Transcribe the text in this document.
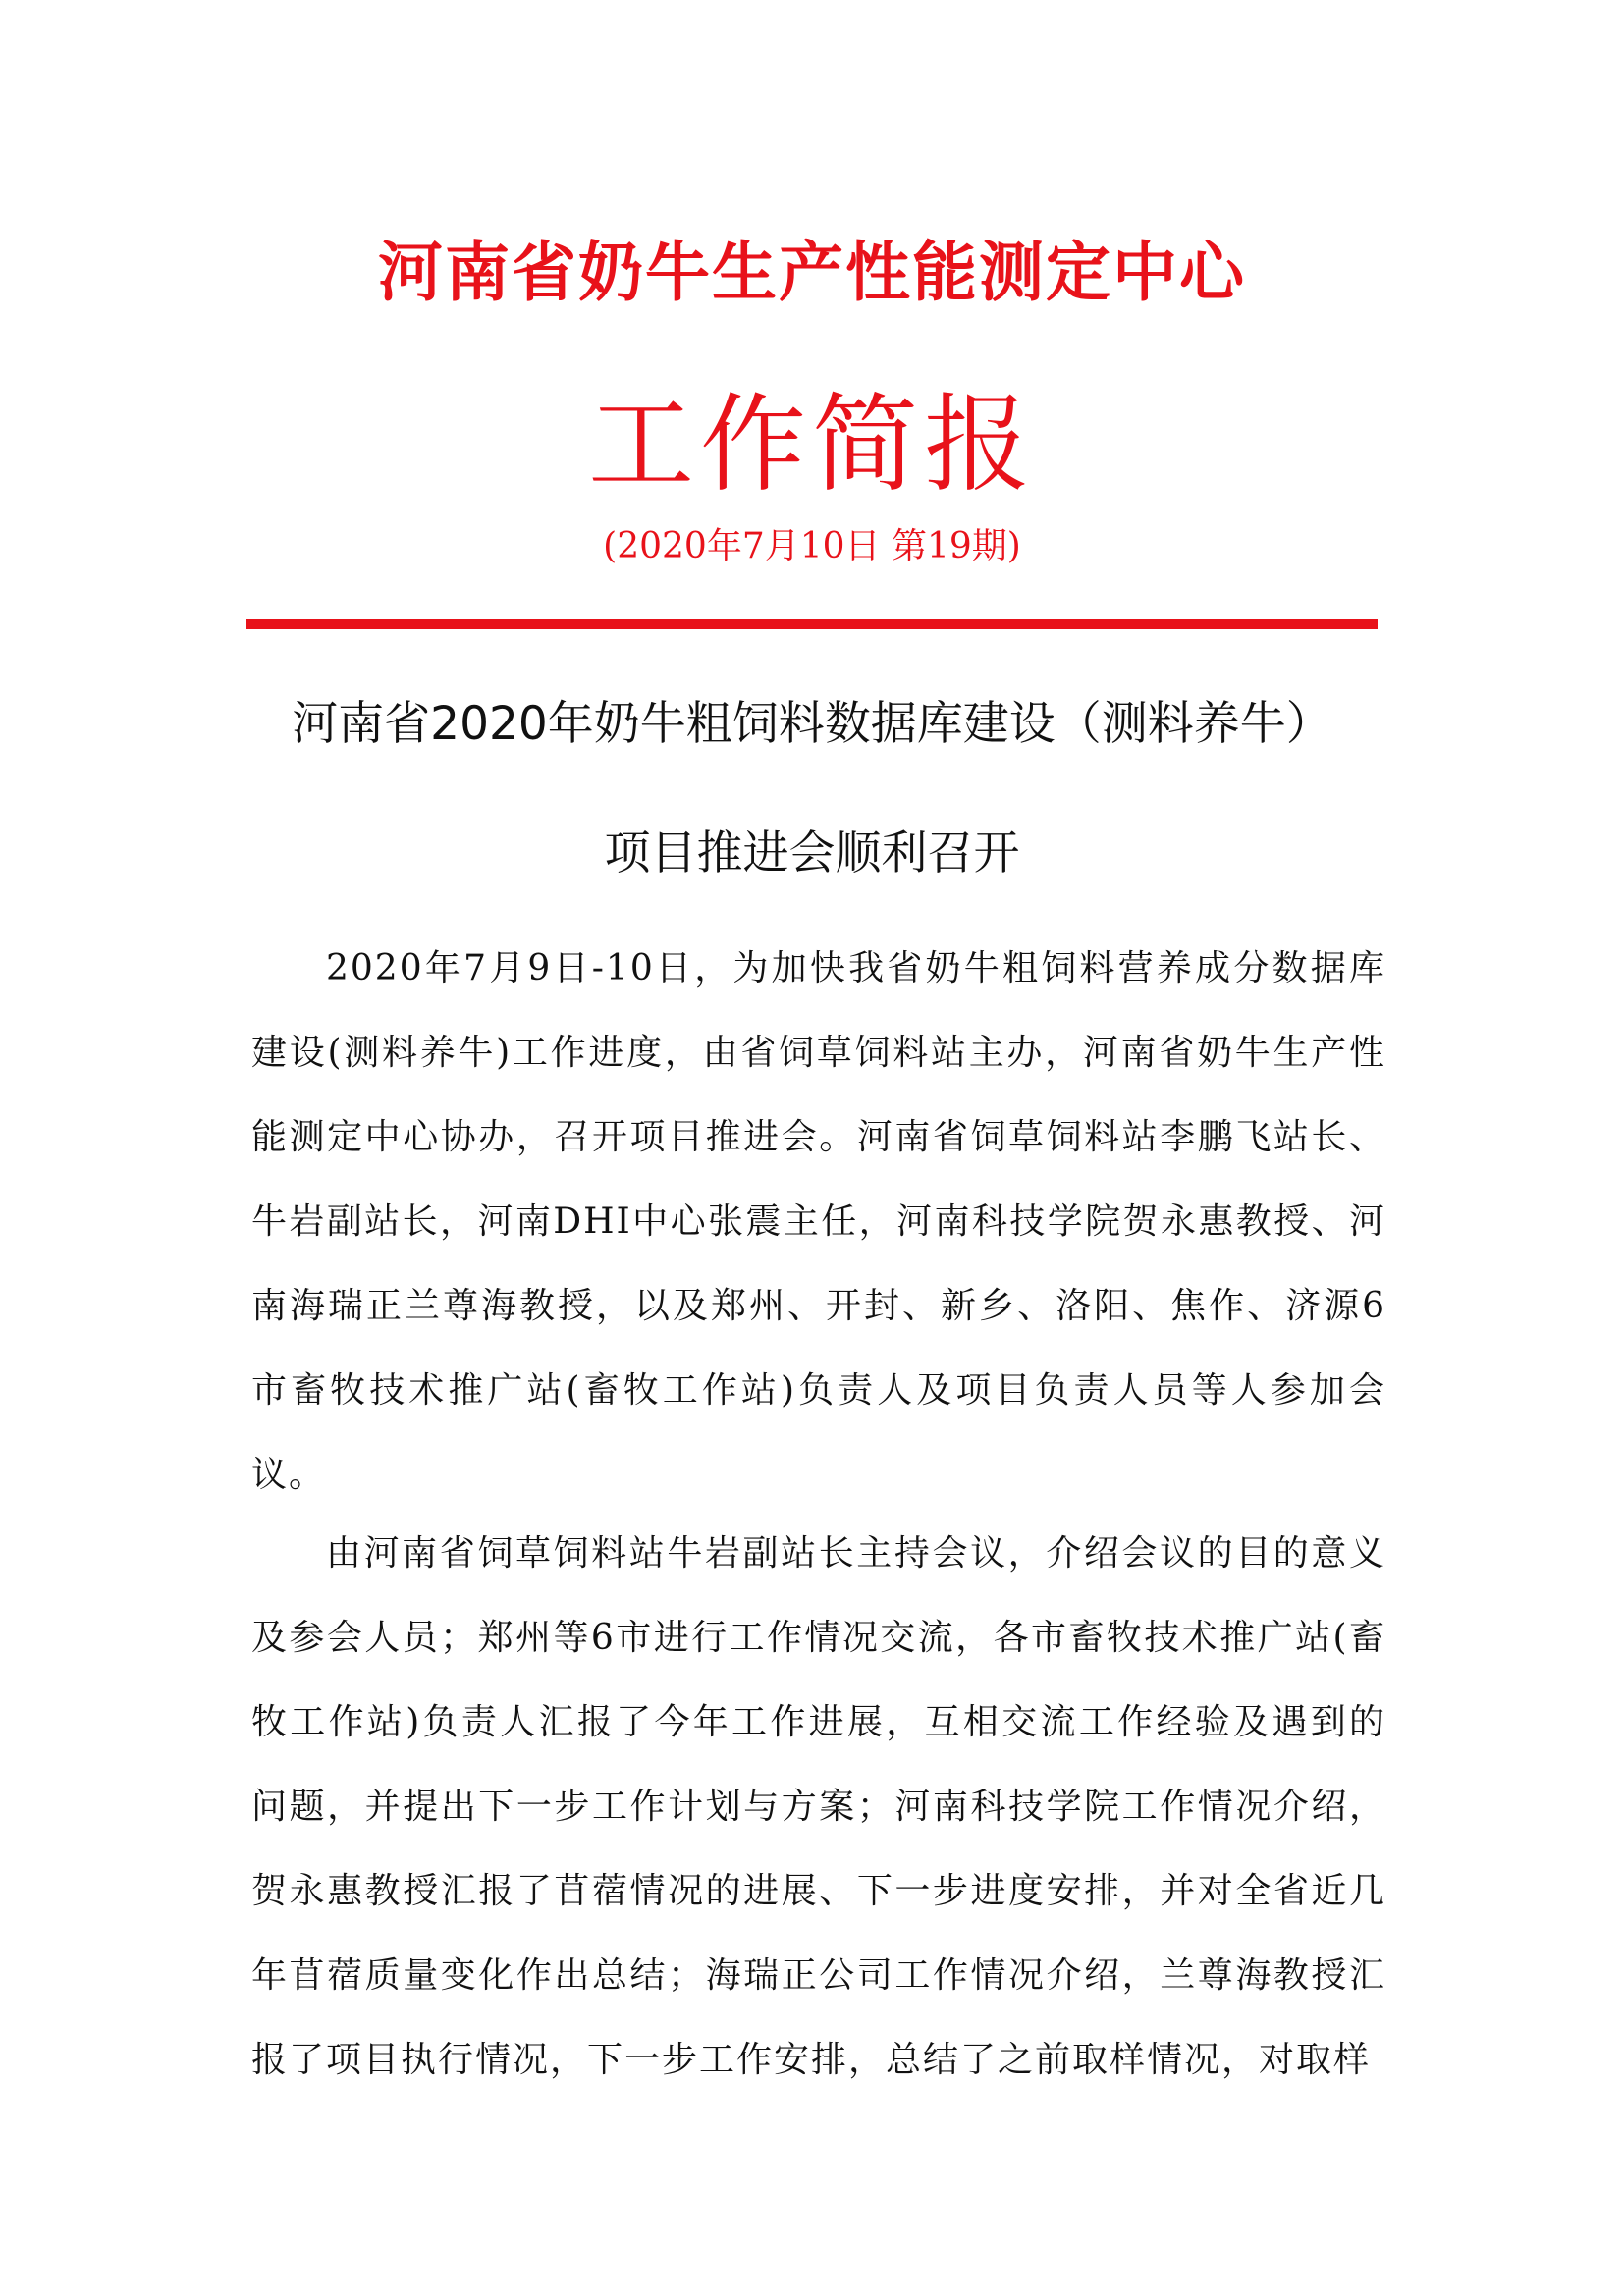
河南省奶牛生产性能测定中心
工作简报
(2020年7月10日 第19期)
河南省2020年奶牛粗饲料数据库建设（测料养牛）
项目推进会顺利召开

2020年7月9日-10日，为加快我省奶牛粗饲料营养成分数据库建设(测料养牛)工作进度，由省饲草饲料站主办，河南省奶牛生产性能测定中心协办，召开项目推进会。河南省饲草饲料站李鹏飞站长、牛岩副站长，河南DHI中心张震主任，河南科技学院贺永惠教授、河南海瑞正兰尊海教授，以及郑州、开封、新乡、洛阳、焦作、济源6市畜牧技术推广站(畜牧工作站)负责人及项目负责人员等人参加会议。

由河南省饲草饲料站牛岩副站长主持会议，介绍会议的目的意义及参会人员；郑州等6市进行工作情况交流，各市畜牧技术推广站(畜牧工作站)负责人汇报了今年工作进展，互相交流工作经验及遇到的问题，并提出下一步工作计划与方案；河南科技学院工作情况介绍，贺永惠教授汇报了苜蓿情况的进展、下一步进度安排，并对全省近几年苜蓿质量变化作出总结；海瑞正公司工作情况介绍，兰尊海教授汇报了项目执行情况，下一步工作安排，总结了之前取样情况，对取样
